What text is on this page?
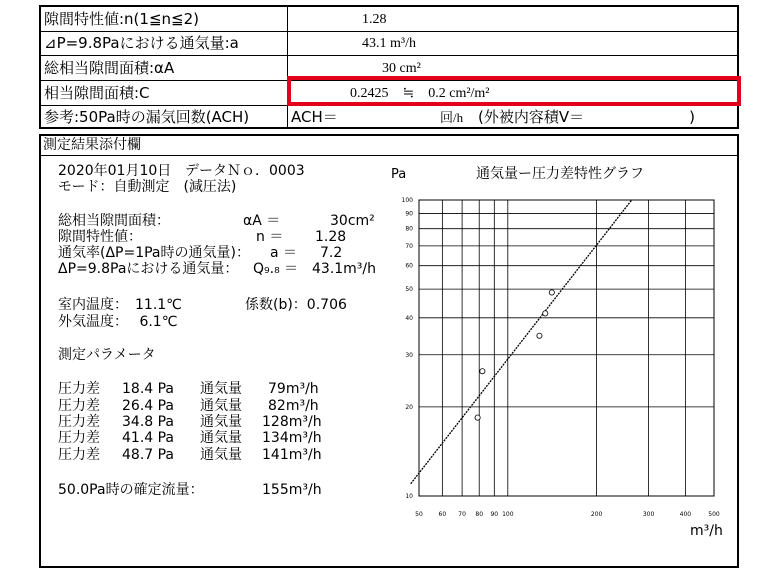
隙間特性値:n(1≦n≦2)	1.28
⊿P=9.8Paにおける通気量:a	43.1 m³/h
総相当隙間面積:αA	30 cm²
相当隙間面積:C	0.2425　≒　0.2 cm²/m²
参考:50Pa時の漏気回数(ACH)	ACH＝	回/h (外被内容積V＝　　　　　　　)
測定結果添付欄
2020年01月10日 データＮｏ．0003
モード：自動測定　(減圧法)
総相当隙間面積：	αA ＝	30cm²
隙間特性値：	n ＝ 1.28
通気率(ΔP=1Pa時の通気量)： a ＝ 7.2
ΔP=9.8Paにおける通気量： Q₉.₈ ＝ 43.1m³/h
室内温度：　11.1℃	係数(b)：0.706
外気温度：　 6.1℃
測定パラメータ
圧力差 18.4 Pa 通気量 79m³/h
圧力差 26.4 Pa 通気量 82m³/h
圧力差 34.8 Pa 通気量 128m³/h
圧力差 41.4 Pa 通気量 134m³/h
圧力差 48.7 Pa 通気量 141m³/h
50.0Pa時の確定流量：	155m³/h
通気量ー圧力差特性グラフ
Pa
m³/h
50	60 70 80 90 100	200	300	400	500
10
20
30
40
50
60
70
80
90
100
